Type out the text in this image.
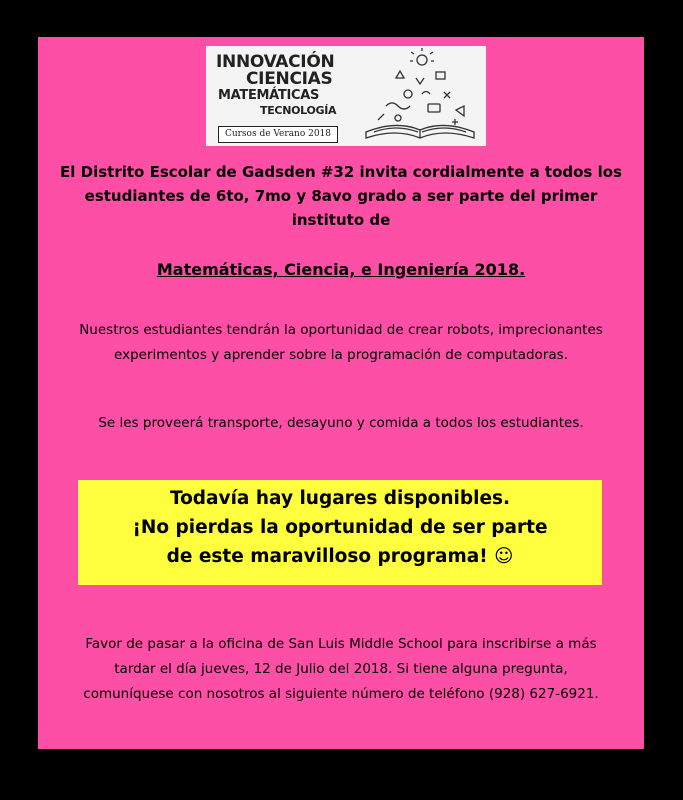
INNOVACIÓN
CIENCIAS
MATEMÁTICAS
TECNOLOGÍA
Cursos de Verano 2018
El Distrito Escolar de Gadsden #32 invita cordialmente a todos los estudiantes de 6to, 7mo y 8avo grado a ser parte del primer instituto de
Matemáticas, Ciencia, e Ingeniería 2018.
Nuestros estudiantes tendrán la oportunidad de crear robots, imprecionantes experimentos y aprender sobre la programación de computadoras.
Se les proveerá transporte, desayuno y comida a todos los estudiantes.
Todavía hay lugares disponibles.
¡No pierdas la oportunidad de ser parte
de este maravilloso programa! ☺
Favor de pasar a la oficina de San Luis Middle School para inscribirse a más tardar el día jueves, 12 de Julio del 2018. Si tiene alguna pregunta, comuníquese con nosotros al siguiente número de teléfono (928) 627-6921.
